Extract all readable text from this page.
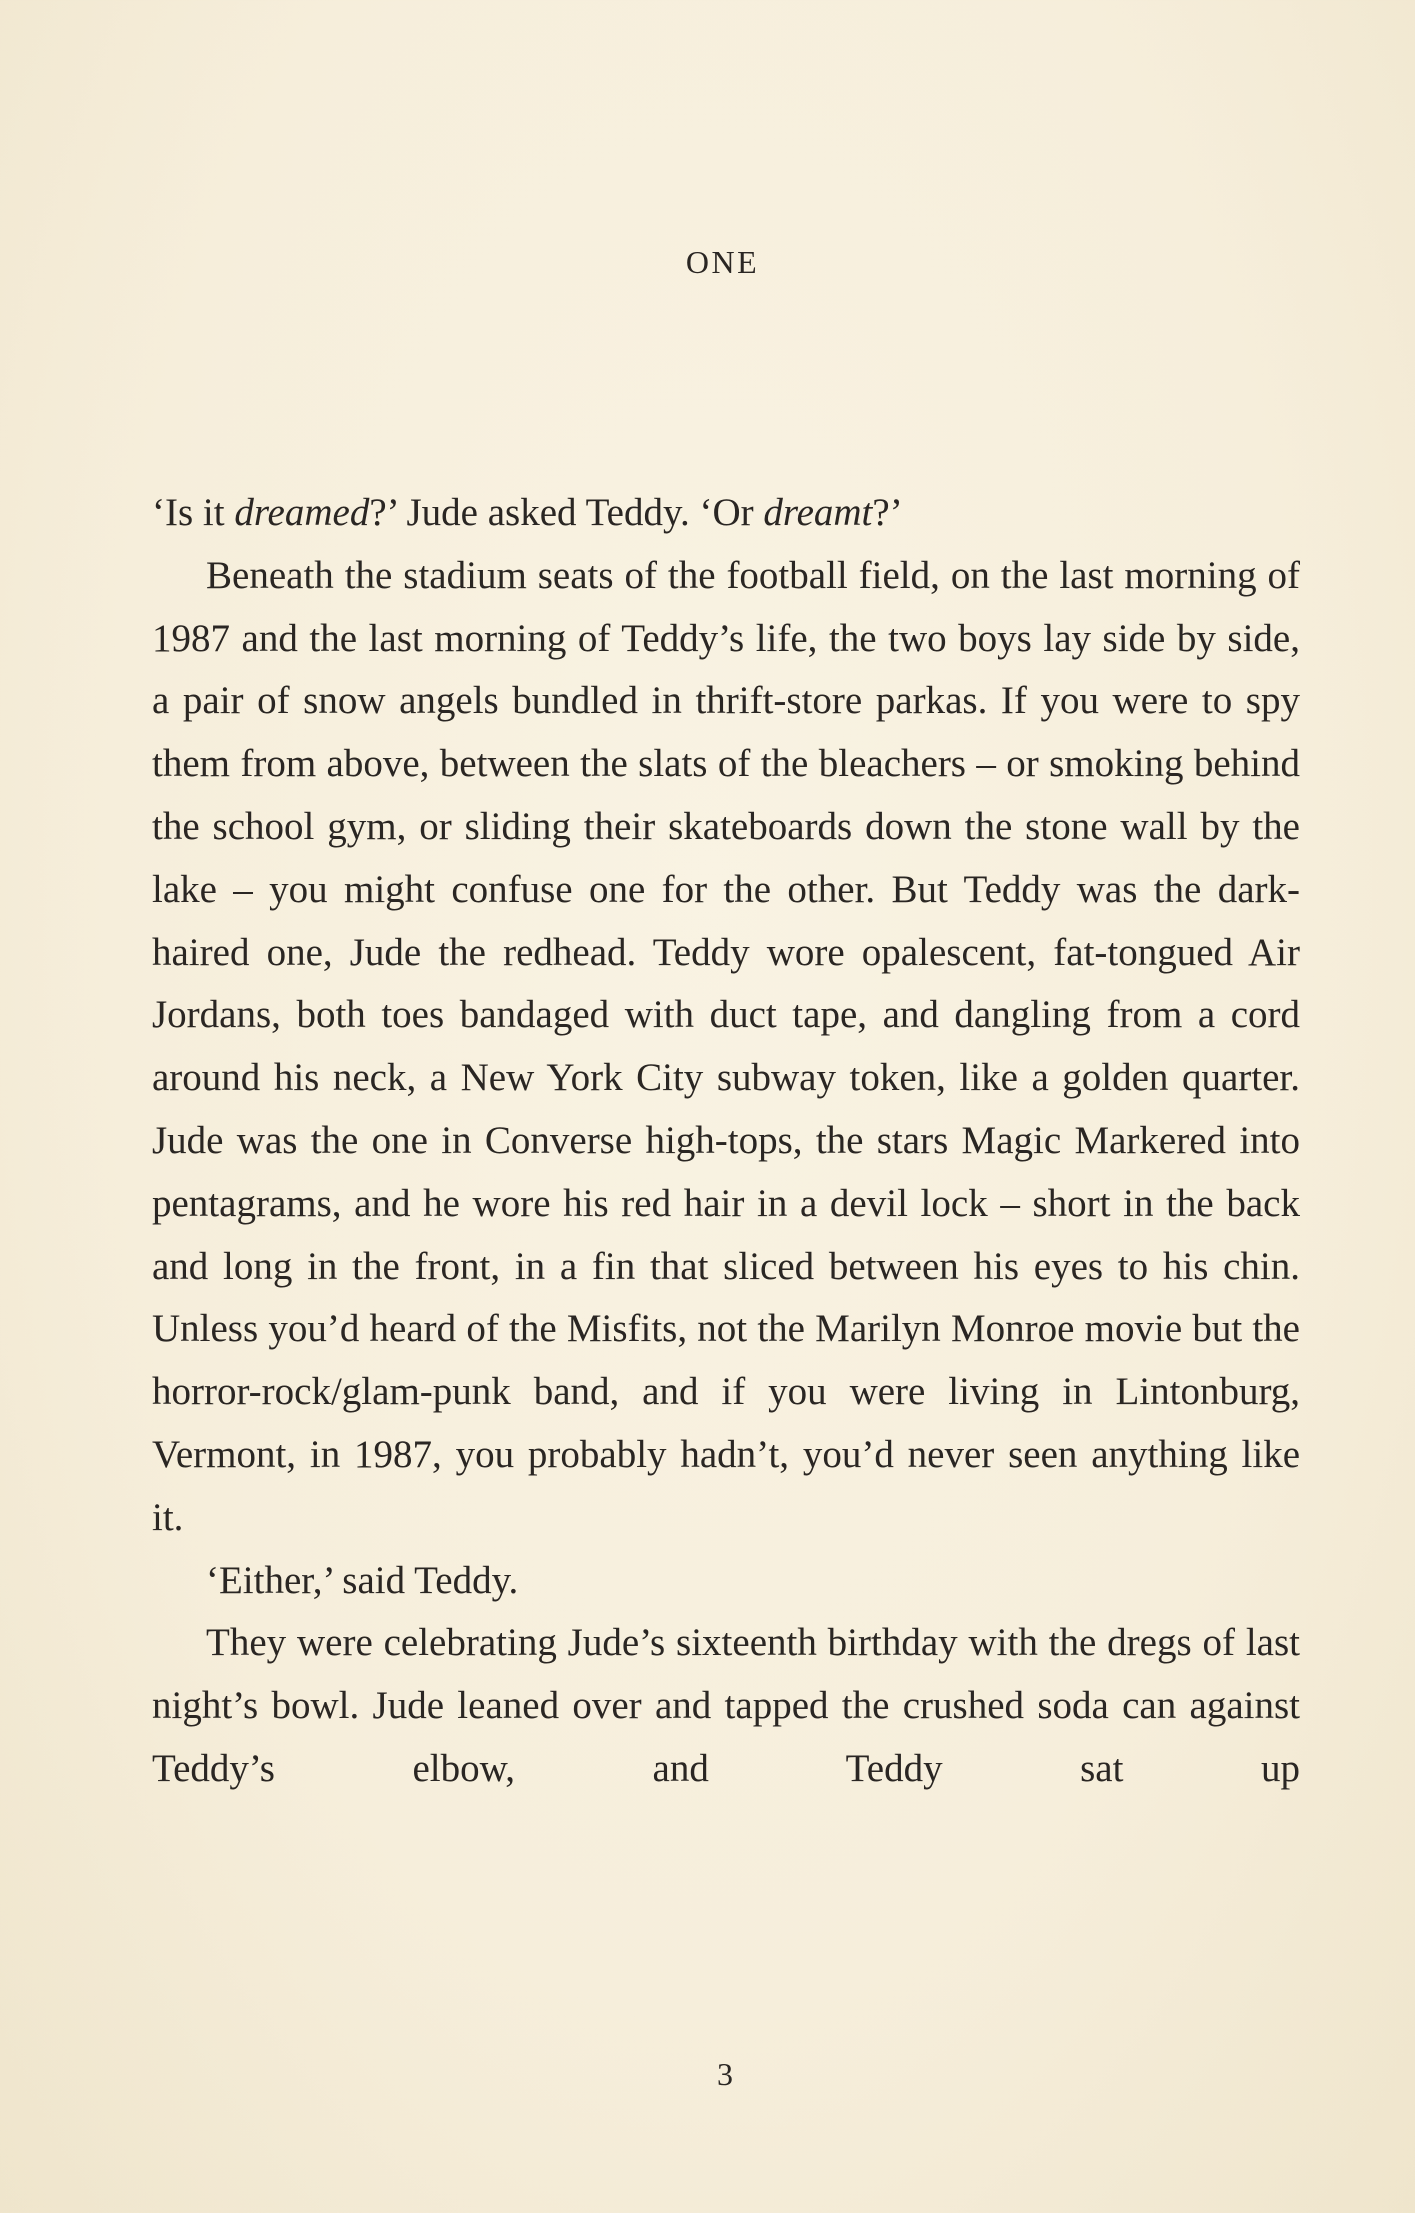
ONE

‘Is it dreamed?’ Jude asked Teddy. ‘Or dreamt?’

Beneath the stadium seats of the football field, on the last morning of 1987 and the last morning of Teddy’s life, the two boys lay side by side, a pair of snow angels bundled in thrift-store parkas. If you were to spy them from above, between the slats of the bleachers – or smoking behind the school gym, or sliding their skateboards down the stone wall by the lake – you might confuse one for the other. But Teddy was the dark-haired one, Jude the redhead. Teddy wore opalescent, fat-tongued Air Jordans, both toes bandaged with duct tape, and dangling from a cord around his neck, a New York City subway token, like a golden quarter. Jude was the one in Converse high-tops, the stars Magic Markered into pentagrams, and he wore his red hair in a devil lock – short in the back and long in the front, in a fin that sliced between his eyes to his chin. Unless you’d heard of the Misfits, not the Marilyn Monroe movie but the horror-rock/glam-punk band, and if you were living in Lintonburg, Vermont, in 1987, you probably hadn’t, you’d never seen anything like it.

‘Either,’ said Teddy.

They were celebrating Jude’s sixteenth birthday with the dregs of last night’s bowl. Jude leaned over and tapped the crushed soda can against Teddy’s elbow, and Teddy sat up

3
